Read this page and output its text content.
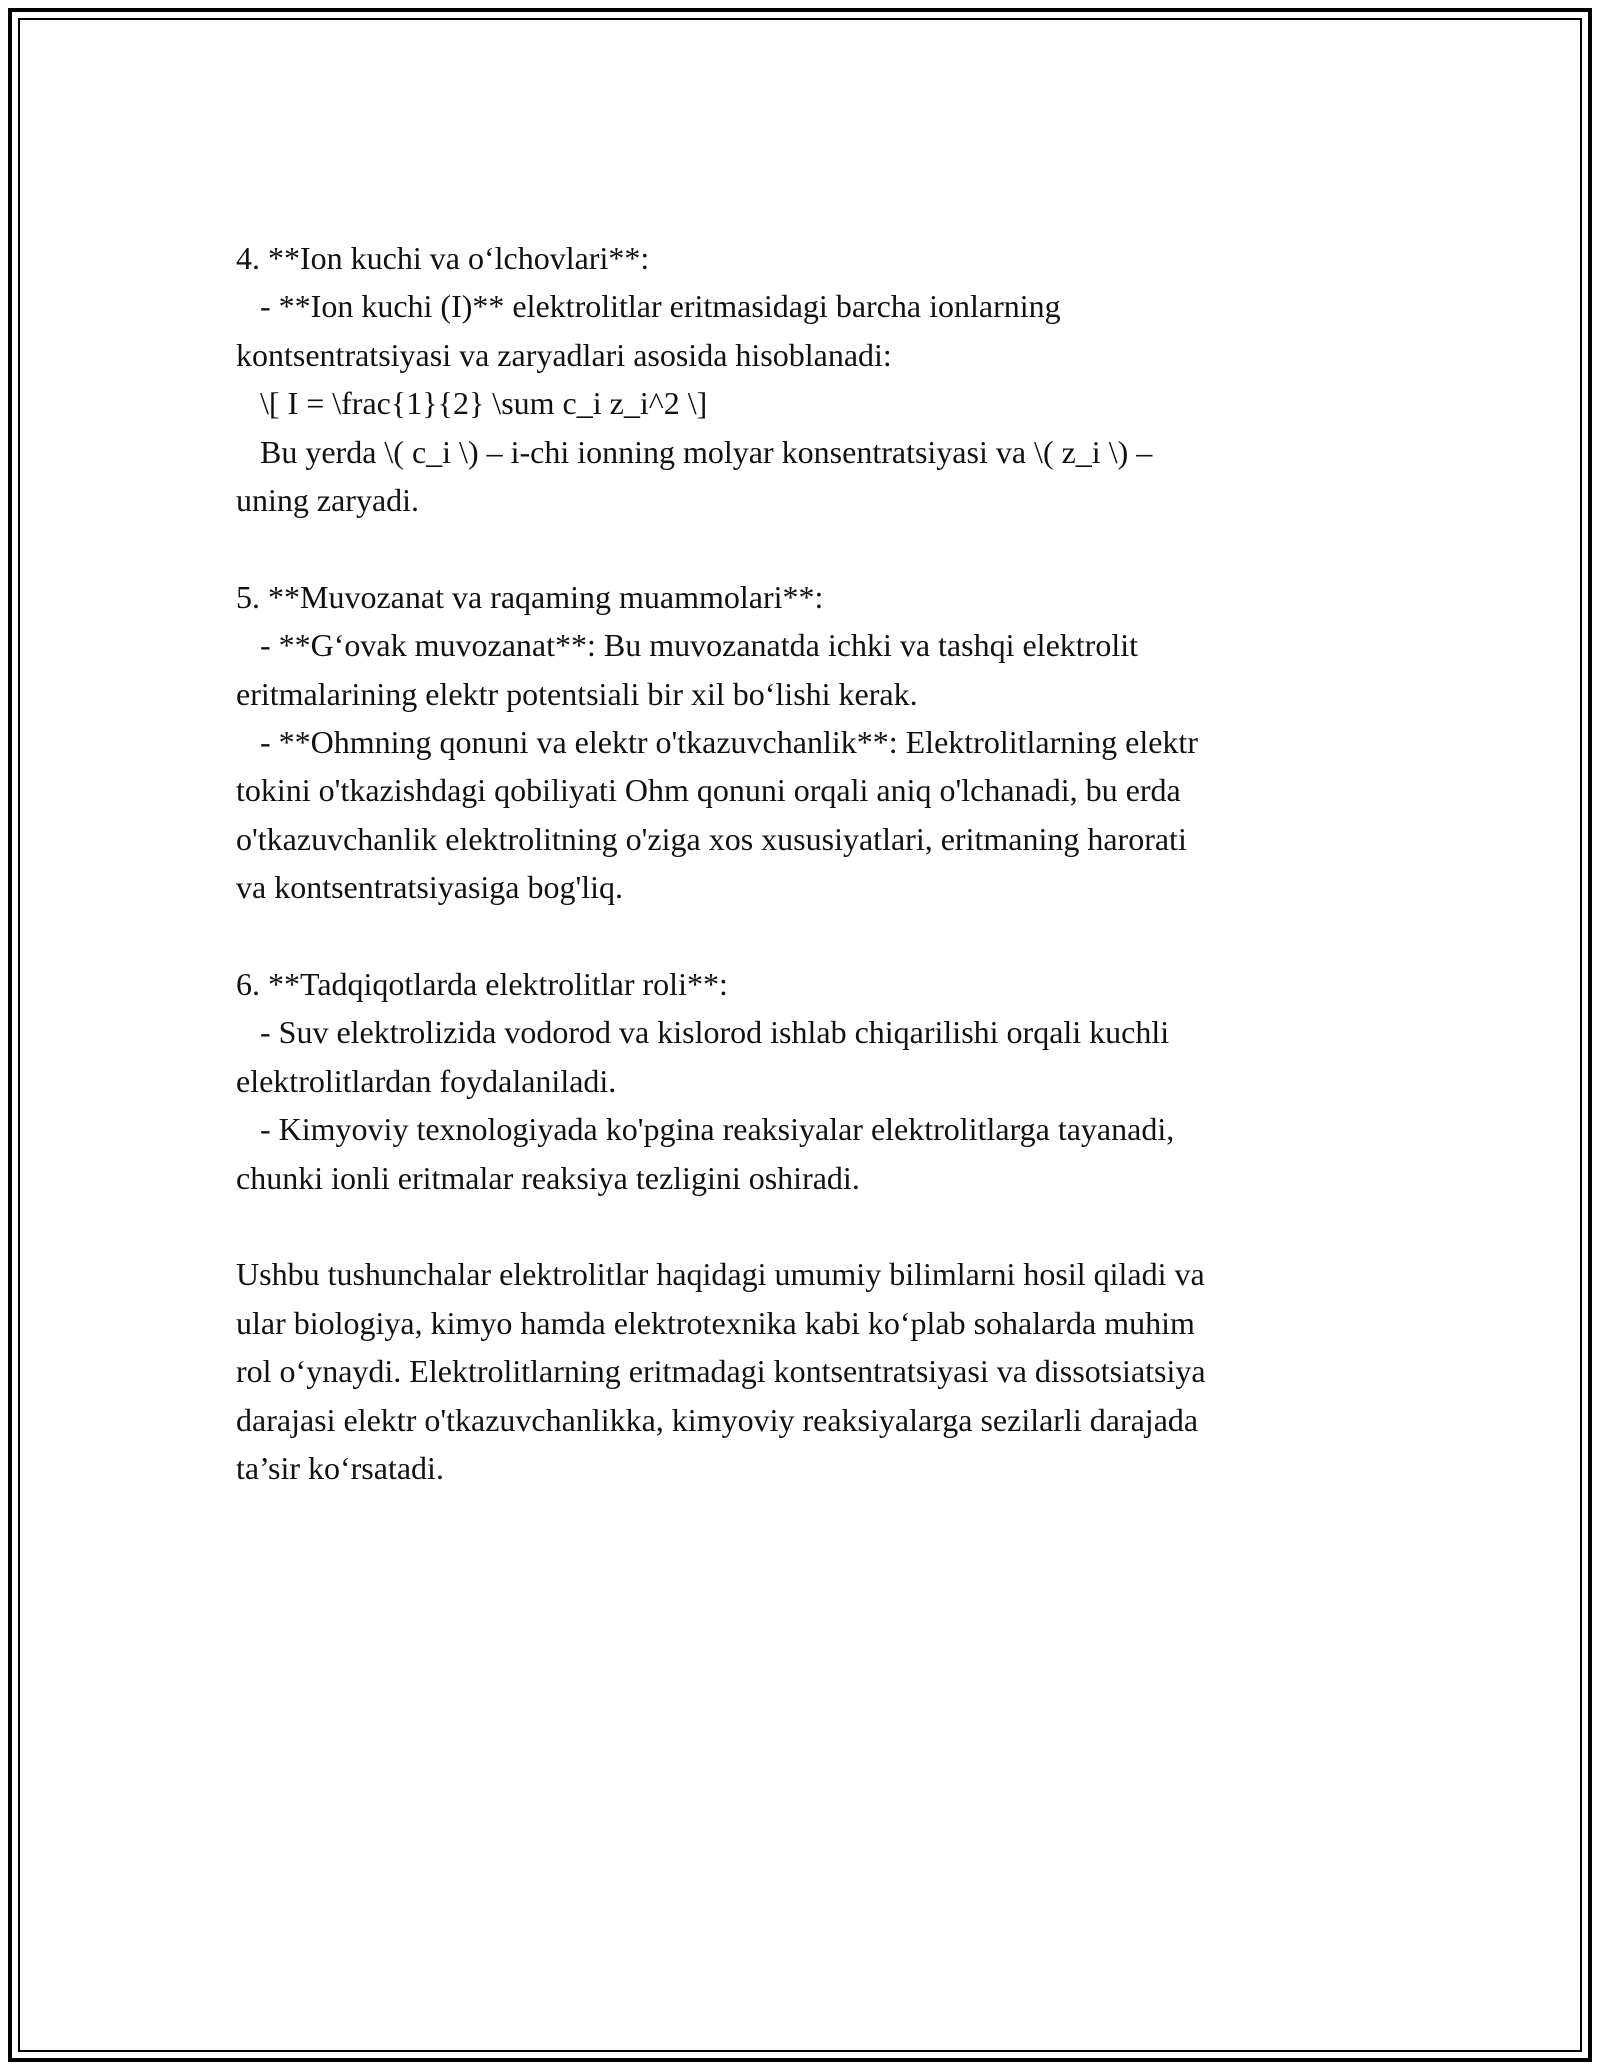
4. **Ion kuchi va o‘lchovlari**:

- **Ion kuchi (I)** elektrolitlar eritmasidagi barcha ionlarning

kontsentratsiyasi va zaryadlari asosida hisoblanadi:

\[ I = \frac{1}{2} \sum c_i z_i^2 \]

Bu yerda \( c_i \) – i-chi ionning molyar konsentratsiyasi va \( z_i \) –

uning zaryadi.

5. **Muvozanat va raqaming muammolari**:

- **G‘ovak muvozanat**: Bu muvozanatda ichki va tashqi elektrolit

eritmalarining elektr potentsiali bir xil bo‘lishi kerak.

- **Ohmning qonuni va elektr o'tkazuvchanlik**: Elektrolitlarning elektr

tokini o'tkazishdagi qobiliyati Ohm qonuni orqali aniq o'lchanadi, bu erda

o'tkazuvchanlik elektrolitning o'ziga xos xususiyatlari, eritmaning harorati

va kontsentratsiyasiga bog'liq.

6. **Tadqiqotlarda elektrolitlar roli**:

- Suv elektrolizida vodorod va kislorod ishlab chiqarilishi orqali kuchli

elektrolitlardan foydalaniladi.

- Kimyoviy texnologiyada ko'pgina reaksiyalar elektrolitlarga tayanadi,

chunki ionli eritmalar reaksiya tezligini oshiradi.

Ushbu tushunchalar elektrolitlar haqidagi umumiy bilimlarni hosil qiladi va

ular biologiya, kimyo hamda elektrotexnika kabi ko‘plab sohalarda muhim

rol o‘ynaydi. Elektrolitlarning eritmadagi kontsentratsiyasi va dissotsiatsiya

darajasi elektr o'tkazuvchanlikka, kimyoviy reaksiyalarga sezilarli darajada

ta’sir ko‘rsatadi.
